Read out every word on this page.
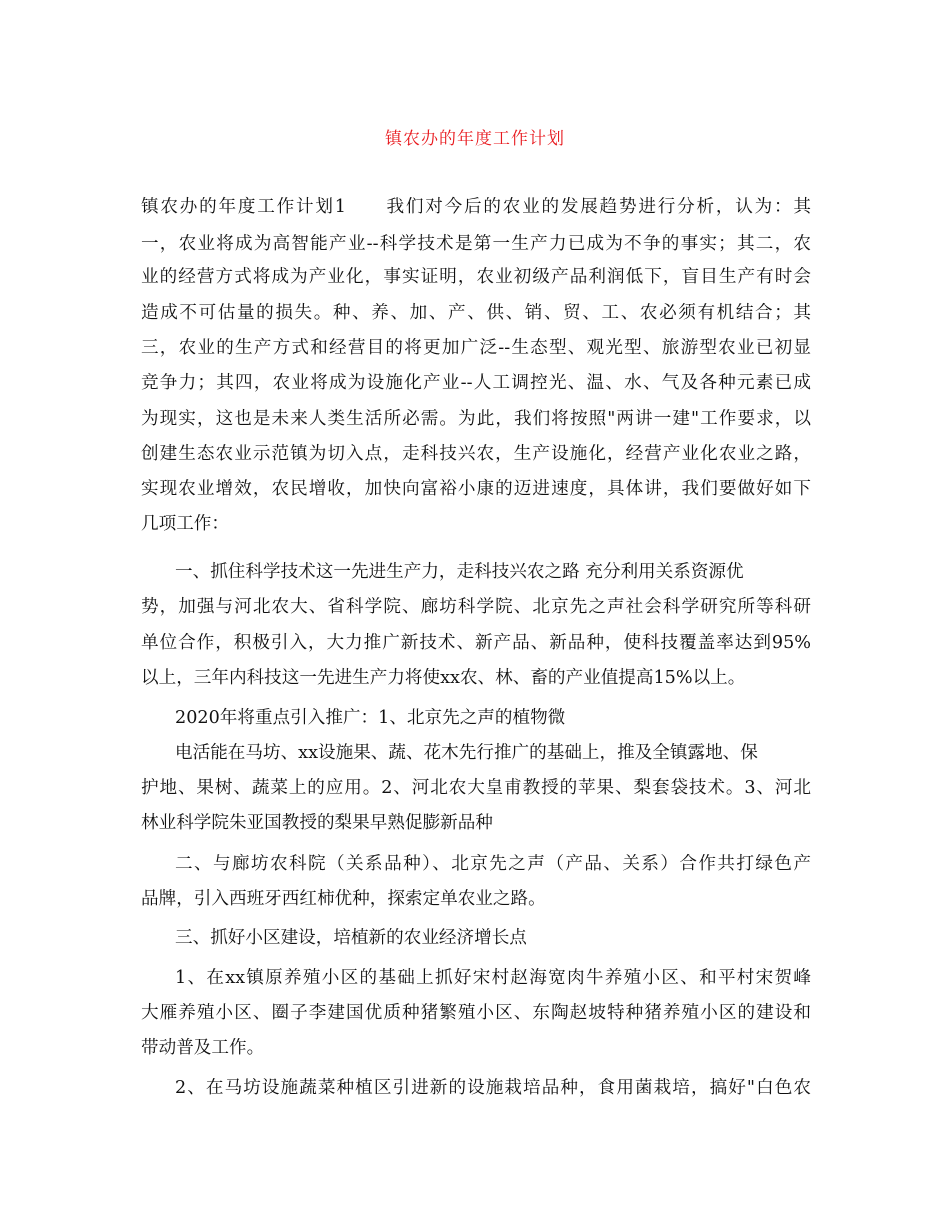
镇农办的年度工作计划
镇农办的年度工作计划1　　我们对今后的农业的发展趋势进行分析，认为：其
一，农业将成为高智能产业--科学技术是第一生产力已成为不争的事实；其二，农
业的经营方式将成为产业化，事实证明，农业初级产品利润低下，盲目生产有时会
造成不可估量的损失。种、养、加、产、供、销、贸、工、农必须有机结合；其
三，农业的生产方式和经营目的将更加广泛--生态型、观光型、旅游型农业已初显
竞争力；其四，农业将成为设施化产业--人工调控光、温、水、气及各种元素已成
为现实，这也是未来人类生活所必需。为此，我们将按照"两讲一建"工作要求，以
创建生态农业示范镇为切入点，走科技兴农，生产设施化，经营产业化农业之路，
实现农业增效，农民增收，加快向富裕小康的迈进速度，具体讲，我们要做好如下
几项工作：
一、抓住科学技术这一先进生产力，走科技兴农之路 充分利用关系资源优
势，加强与河北农大、省科学院、廊坊科学院、北京先之声社会科学研究所等科研
单位合作，积极引入，大力推广新技术、新产品、新品种，使科技覆盖率达到95%
以上，三年内科技这一先进生产力将使xx农、林、畜的产业值提高15%以上。
2020年将重点引入推广：1、北京先之声的植物微
电活能在马坊、xx设施果、蔬、花木先行推广的基础上，推及全镇露地、保
护地、果树、蔬菜上的应用。2、河北农大皇甫教授的苹果、梨套袋技术。3、河北
林业科学院朱亚国教授的梨果早熟促膨新品种
二、与廊坊农科院（关系品种）、北京先之声（产品、关系）合作共打绿色产
品牌，引入西班牙西红柿优种，探索定单农业之路。
三、抓好小区建设，培植新的农业经济增长点
1、在xx镇原养殖小区的基础上抓好宋村赵海宽肉牛养殖小区、和平村宋贺峰
大雁养殖小区、圈子李建国优质种猪繁殖小区、东陶赵坡特种猪养殖小区的建设和
带动普及工作。
2、在马坊设施蔬菜种植区引进新的设施栽培品种，食用菌栽培，搞好"白色农
